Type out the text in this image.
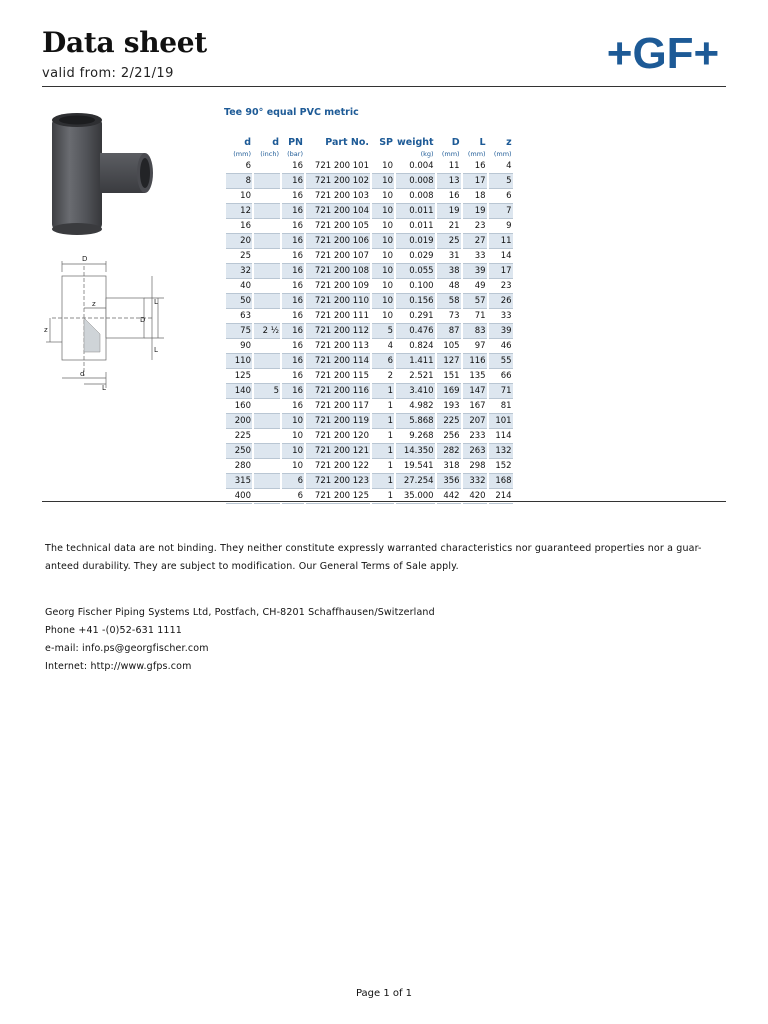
Data sheet
valid from: 2/21/19	+GF+
D
z	L
D
L
z
d
L
Tee 90° equal PVC metric
d	d	PN	Part No.	SP	weight	D	L	z
(mm)	(inch)	(bar)			(kg)	(mm)	(mm)	(mm)
6		16	721 200 101	10	0.004	11	16	4
8		16	721 200 102	10	0.008	13	17	5
10		16	721 200 103	10	0.008	16	18	6
12		16	721 200 104	10	0.011	19	19	7
16		16	721 200 105	10	0.011	21	23	9
20		16	721 200 106	10	0.019	25	27	11
25		16	721 200 107	10	0.029	31	33	14
32		16	721 200 108	10	0.055	38	39	17
40		16	721 200 109	10	0.100	48	49	23
50		16	721 200 110	10	0.156	58	57	26
63		16	721 200 111	10	0.291	73	71	33
75	2 ½	16	721 200 112	5	0.476	87	83	39
90		16	721 200 113	4	0.824	105	97	46
110		16	721 200 114	6	1.411	127	116	55
125		16	721 200 115	2	2.521	151	135	66
140	5	16	721 200 116	1	3.410	169	147	71
160		16	721 200 117	1	4.982	193	167	81
200		10	721 200 119	1	5.868	225	207	101
225		10	721 200 120	1	9.268	256	233	114
250		10	721 200 121	1	14.350	282	263	132
280		10	721 200 122	1	19.541	318	298	152
315		6	721 200 123	1	27.254	356	332	168
400		6	721 200 125	1	35.000	442	420	214
The technical data are not binding. They neither constitute expressly warranted characteristics nor guaranteed properties nor a guar-
anteed durability. They are subject to modification. Our General Terms of Sale apply.
Georg Fischer Piping Systems Ltd, Postfach, CH-8201 Schaffhausen/Switzerland
Phone +41 -(0)52-631 1111
e-mail: info.ps@georgfischer.com
Internet: http://www.gfps.com
Page 1 of 1
